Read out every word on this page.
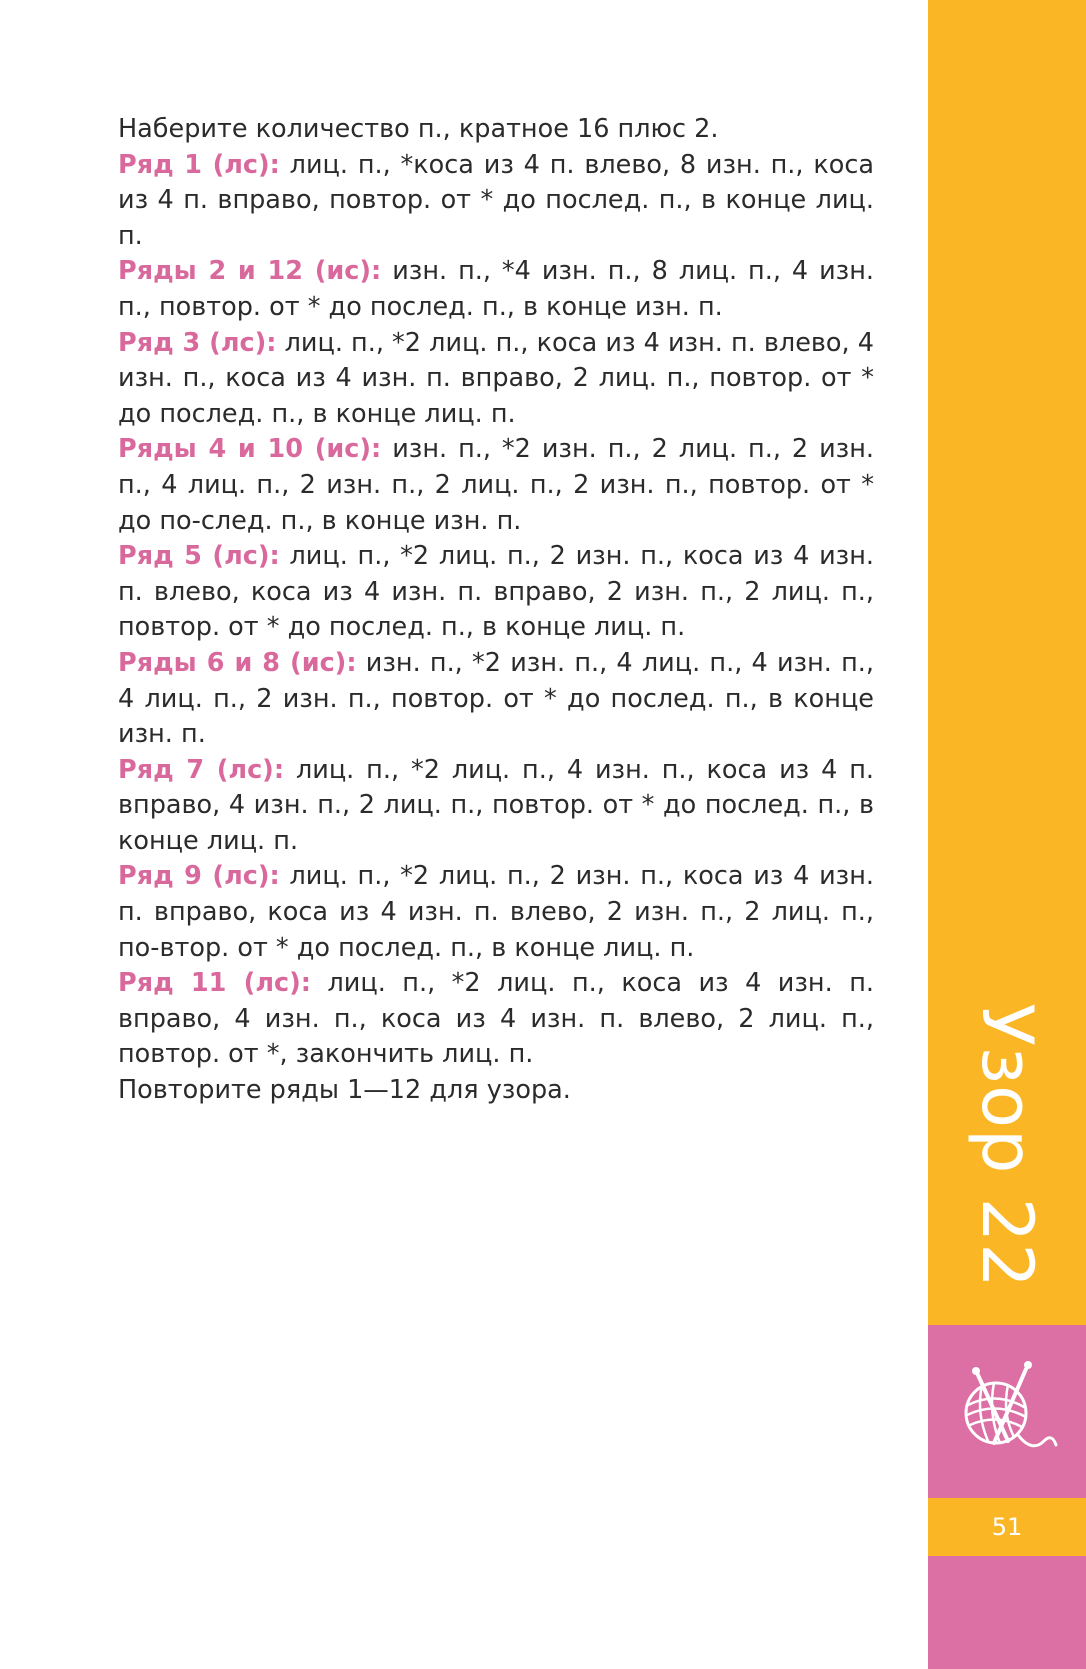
Наберите количество п., кратное 16 плюс 2.

Ряд 1 (лс): лиц. п., *коса из 4 п. влево, 8 изн. п., коса из 4 п. вправо, повтор. от * до послед. п., в конце лиц. п.

Ряды 2 и 12 (ис): изн. п., *4 изн. п., 8 лиц. п., 4 изн. п., повтор. от * до послед. п., в конце изн. п.

Ряд 3 (лс): лиц. п., *2 лиц. п., коса из 4 изн. п. влево, 4 изн. п., коса из 4 изн. п. вправо, 2 лиц. п., повтор. от * до послед. п., в конце лиц. п.

Ряды 4 и 10 (ис): изн. п., *2 изн. п., 2 лиц. п., 2 изн. п., 4 лиц. п., 2 изн. п., 2 лиц. п., 2 изн. п., повтор. от * до по-след. п., в конце изн. п.

Ряд 5 (лс): лиц. п., *2 лиц. п., 2 изн. п., коса из 4 изн. п. влево, коса из 4 изн. п. вправо, 2 изн. п., 2 лиц. п., повтор. от * до послед. п., в конце лиц. п.

Ряды 6 и 8 (ис): изн. п., *2 изн. п., 4 лиц. п., 4 изн. п., 4 лиц. п., 2 изн. п., повтор. от * до послед. п., в конце изн. п.

Ряд 7 (лс): лиц. п., *2 лиц. п., 4 изн. п., коса из 4 п. вправо, 4 изн. п., 2 лиц. п., повтор. от * до послед. п., в конце лиц. п.

Ряд 9 (лс): лиц. п., *2 лиц. п., 2 изн. п., коса из 4 изн. п. вправо, коса из 4 изн. п. влево, 2 изн. п., 2 лиц. п., по-втор. от * до послед. п., в конце лиц. п.

Ряд 11 (лс): лиц. п., *2 лиц. п., коса из 4 изн. п. вправо, 4 изн. п., коса из 4 изн. п. влево, 2 лиц. п., повтор. от *, закончить лиц. п.

Повторите ряды 1—12 для узора.	Узор 22
51
